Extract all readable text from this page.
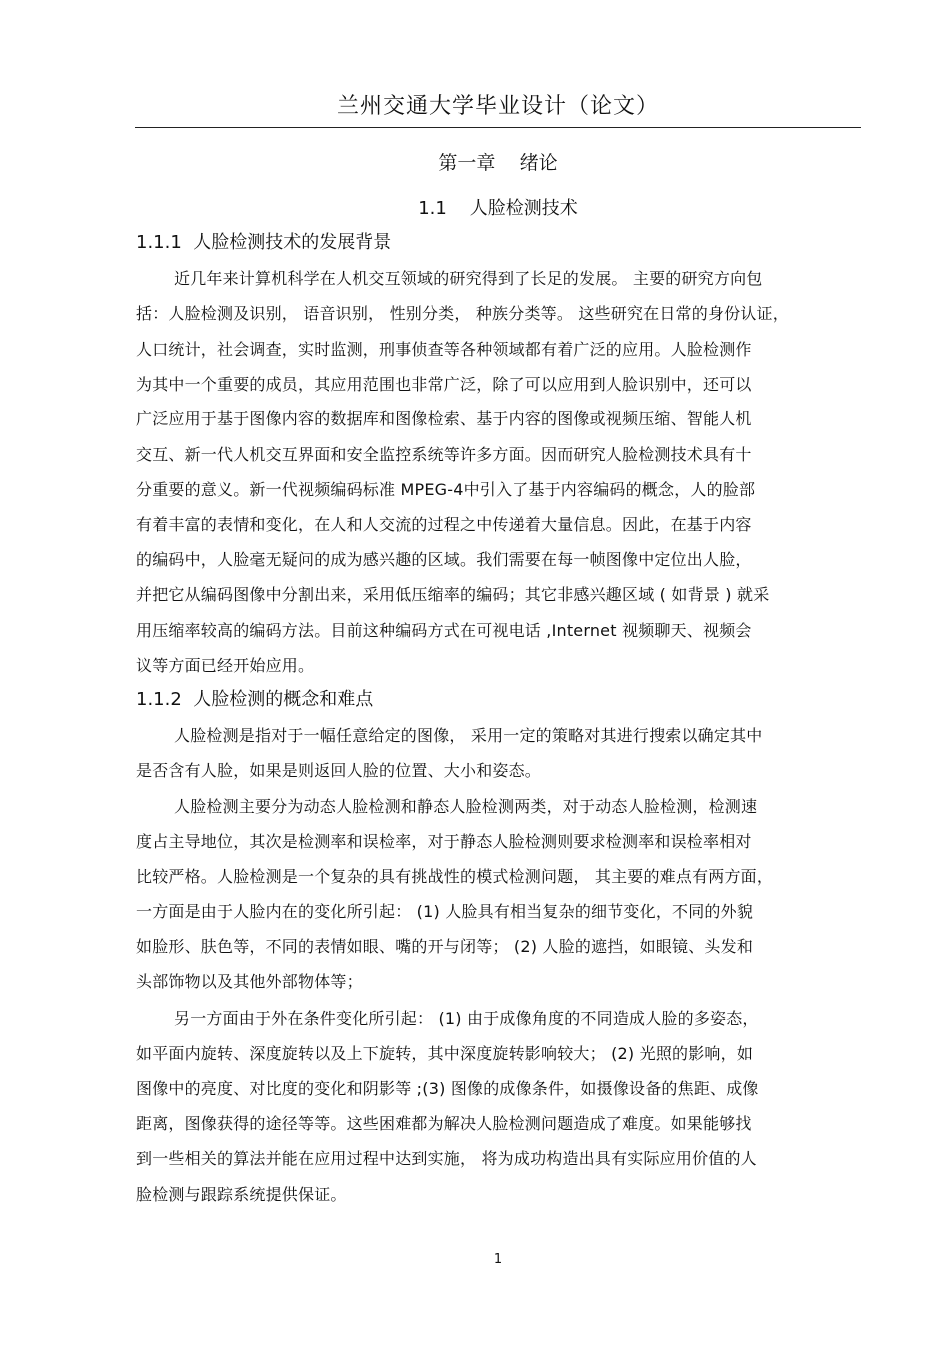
兰州交通大学毕业设计（论文）
第一章    绪论
1.1    人脸检测技术
1.1.1  人脸检测技术的发展背景
近几年来计算机科学在人机交互领域的研究得到了长足的发展。 主要的研究方向包
括：人脸检测及识别， 语音识别， 性别分类， 种族分类等。 这些研究在日常的身份认证，
人口统计，社会调查，实时监测，刑事侦查等各种领域都有着广泛的应用。人脸检测作
为其中一个重要的成员，其应用范围也非常广泛，除了可以应用到人脸识别中，还可以
广泛应用于基于图像内容的数据库和图像检索、基于内容的图像或视频压缩、智能人机
交互、新一代人机交互界面和安全监控系统等许多方面。因而研究人脸检测技术具有十
分重要的意义。新一代视频编码标准 MPEG-4中引入了基于内容编码的概念，人的脸部
有着丰富的表情和变化，在人和人交流的过程之中传递着大量信息。因此，在基于内容
的编码中，人脸毫无疑问的成为感兴趣的区域。我们需要在每一帧图像中定位出人脸，
并把它从编码图像中分割出来，采用低压缩率的编码；其它非感兴趣区域 ( 如背景 ) 就采
用压缩率较高的编码方法。目前这种编码方式在可视电话 ,Internet 视频聊天、视频会
议等方面已经开始应用。
1.1.2  人脸检测的概念和难点
人脸检测是指对于一幅任意给定的图像， 采用一定的策略对其进行搜索以确定其中
是否含有人脸，如果是则返回人脸的位置、大小和姿态。
人脸检测主要分为动态人脸检测和静态人脸检测两类，对于动态人脸检测，检测速
度占主导地位，其次是检测率和误检率，对于静态人脸检测则要求检测率和误检率相对
比较严格。人脸检测是一个复杂的具有挑战性的模式检测问题， 其主要的难点有两方面，
一方面是由于人脸内在的变化所引起： (1) 人脸具有相当复杂的细节变化，不同的外貌
如脸形、肤色等，不同的表情如眼、嘴的开与闭等； (2) 人脸的遮挡，如眼镜、头发和
头部饰物以及其他外部物体等；
另一方面由于外在条件变化所引起： (1) 由于成像角度的不同造成人脸的多姿态，
如平面内旋转、深度旋转以及上下旋转，其中深度旋转影响较大； (2) 光照的影响，如
图像中的亮度、对比度的变化和阴影等 ;(3) 图像的成像条件，如摄像设备的焦距、成像
距离，图像获得的途径等等。这些困难都为解决人脸检测问题造成了难度。如果能够找
到一些相关的算法并能在应用过程中达到实施， 将为成功构造出具有实际应用价值的人
脸检测与跟踪系统提供保证。
1
